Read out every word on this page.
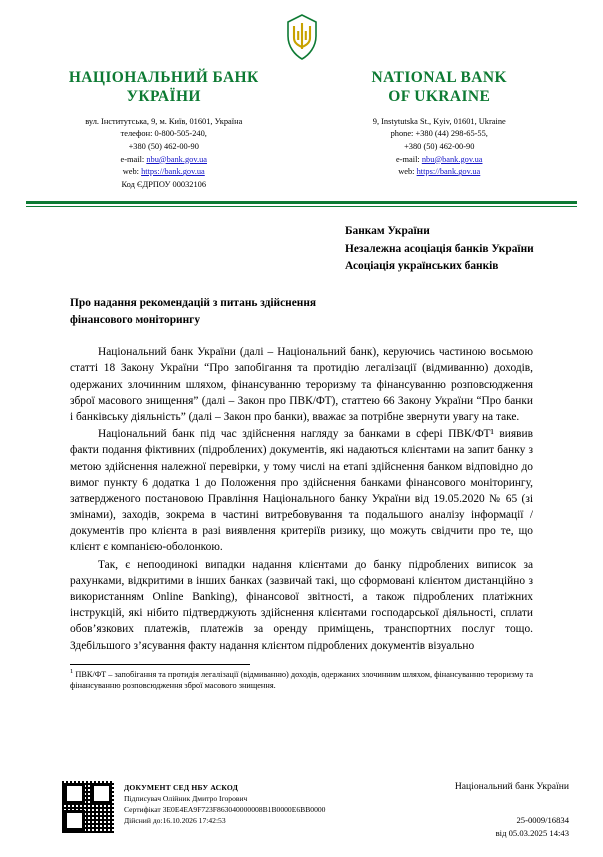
НАЦІОНАЛЬНИЙ БАНК
УКРАЇНИ
вул. Інститутська, 9, м. Київ, 01601, Україна
телефон: 0-800-505-240,
+380 (50) 462-00-90
e-mail: nbu@bank.gov.ua
web: https://bank.gov.ua
Код ЄДРПОУ 00032106
NATIONAL BANK
OF UKRAINE
9, Instytutska St., Kyiv, 01601, Ukraine
phone: +380 (44) 298-65-55,
+380 (50) 462-00-90
e-mail: nbu@bank.gov.ua
web: https://bank.gov.ua
Банкам України
Незалежна асоціація банків України
Асоціація українських банків
Про надання рекомендацій з питань здійснення фінансового моніторингу

Національний банк України (далі – Національний банк), керуючись частиною восьмою статті 18 Закону України “Про запобігання та протидію легалізації (відмиванню) доходів, одержаних злочинним шляхом, фінансуванню тероризму та фінансуванню розповсюдження зброї масового знищення” (далі – Закон про ПВК/ФТ), статтею 66 Закону України “Про банки і банківську діяльність” (далі – Закон про банки), вважає за потрібне звернути увагу на таке.

Національний банк під час здійснення нагляду за банками в сфері ПВК/ФТ¹ виявив факти подання фіктивних (підроблених) документів, які надаються клієнтами на запит банку з метою здійснення належної перевірки, у тому числі на етапі здійснення банком відповідно до вимог пункту 6 додатка 1 до Положення про здійснення банками фінансового моніторингу, затвердженого постановою Правління Національного банку України від 19.05.2020 № 65 (зі змінами), заходів, зокрема в частині витребовування та подальшого аналізу інформації / документів про клієнта в разі виявлення критеріїв ризику, що можуть свідчити про те, що клієнт є компанією-оболонкою.

Так, є непоодинокі випадки надання клієнтами до банку підроблених виписок за рахунками, відкритими в інших банках (зазвичай такі, що сформовані клієнтом дистанційно з використанням Online Banking), фінансової звітності, а також підроблених платіжних інструкцій, які нібито підтверджують здійснення клієнтами господарської діяльності, сплати обов’язкових платежів, платежів за оренду приміщень, транспортних послуг тощо. Здебільшого з’ясування факту надання клієнтом підроблених документів візуально

$^1$ ПВК/ФТ – запобігання та протидія легалізації (відмиванню) доходів, одержаних злочинним шляхом, фінансуванню тероризму та фінансуванню розповсюдження зброї масового знищення.
ДОКУМЕНТ СЕД НБУ АСКОД
Підписувач Олійник Дмитро Ігорович
Сертифікат 3E0E4EA9F723F863040000008B1B0000E6BB0000
Дійсний до:16.10.2026 17:42:53
Національний банк України
25-0009/16834
від 05.03.2025 14:43
